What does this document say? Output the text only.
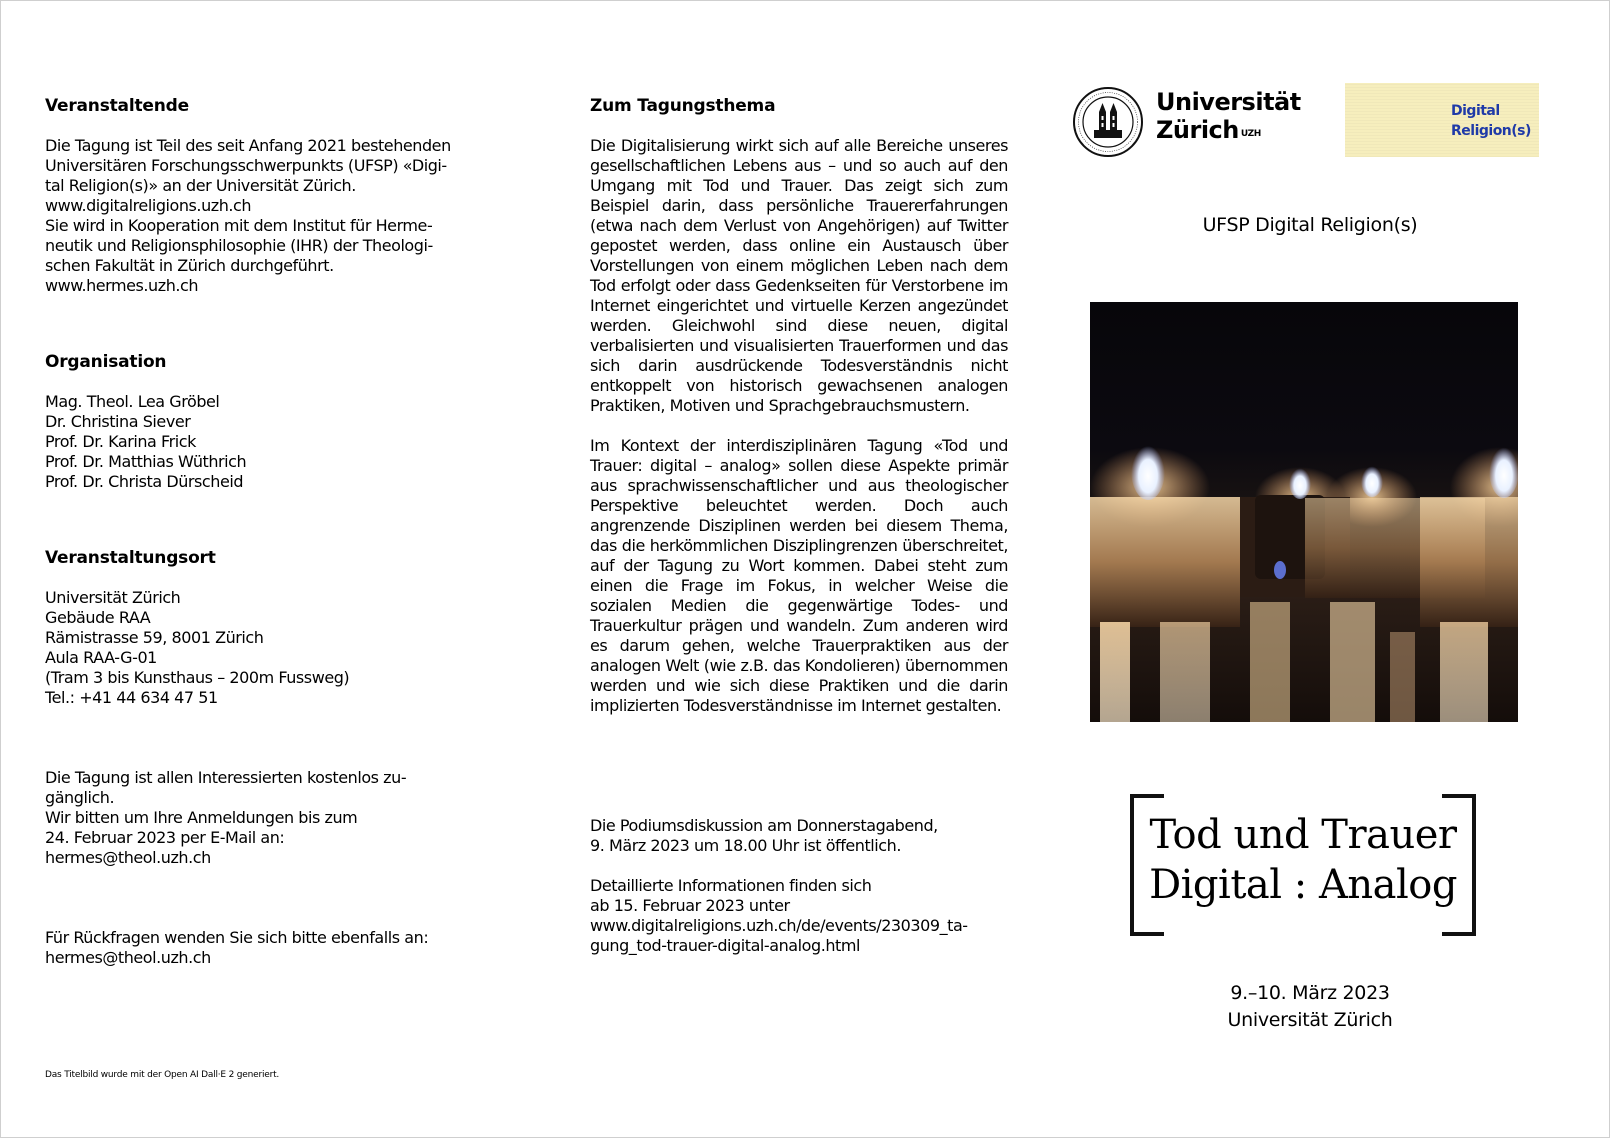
Veranstaltende
Die Tagung ist Teil des seit Anfang 2021 bestehenden
Universitären Forschungsschwerpunkts (UFSP) «Digi-
tal Religion(s)» an der Universität Zürich.
www.digitalreligions.uzh.ch
Sie wird in Kooperation mit dem Institut für Herme-
neutik und Religionsphilosophie (IHR) der Theologi-
schen Fakultät in Zürich durchgeführt.
www.hermes.uzh.ch
Organisation
Mag. Theol. Lea Gröbel
Dr. Christina Siever
Prof. Dr. Karina Frick
Prof. Dr. Matthias Wüthrich
Prof. Dr. Christa Dürscheid
Veranstaltungsort
Universität Zürich
Gebäude RAA
Rämistrasse 59, 8001 Zürich
Aula RAA-G-01
(Tram 3 bis Kunsthaus – 200m Fussweg)
Tel.: +41 44 634 47 51
Die Tagung ist allen Interessierten kostenlos zu-
gänglich.
Wir bitten um Ihre Anmeldungen bis zum
24. Februar 2023 per E-Mail an:
hermes@theol.uzh.ch
Für Rückfragen wenden Sie sich bitte ebenfalls an:
hermes@theol.uzh.ch
Das Titelbild wurde mit der Open AI Dall·E 2 generiert.
Zum Tagungsthema

Die Digitalisierung wirkt sich auf alle Bereiche unseres gesellschaftlichen Lebens aus – und so auch auf den Umgang mit Tod und Trauer. Das zeigt sich zum Beispiel darin, dass persönliche Trauererfahrungen (etwa nach dem Verlust von Angehörigen) auf Twitter gepostet werden, dass online ein Austausch über Vorstellungen von einem möglichen Leben nach dem Tod erfolgt oder dass Gedenkseiten für Verstorbene im Internet eingerichtet und virtuelle Kerzen angezündet werden. Gleichwohl sind diese neuen, digital verbalisierten und visualisierten Trauerformen und das sich darin ausdrückende Todesverständnis nicht entkoppelt von historisch gewachsenen analogen Praktiken, Motiven und Sprachgebrauchsmustern.

Im Kontext der interdisziplinären Tagung «Tod und Trauer: digital – analog» sollen diese Aspekte primär aus sprachwissenschaftlicher und aus theologischer Perspektive beleuchtet werden. Doch auch angrenzende Disziplinen werden bei diesem Thema, das die herkömmlichen Disziplingrenzen überschreitet, auf der Tagung zu Wort kommen. Dabei steht zum einen die Frage im Fokus, in welcher Weise die sozialen Medien die gegenwärtige Todes- und Trauerkultur prägen und wandeln. Zum anderen wird es darum gehen, welche Trauerpraktiken aus der analogen Welt (wie z.B. das Kondolieren) übernommen werden und wie sich diese Praktiken und die darin implizierten Todesverständnisse im Internet gestalten.

Die Podiumsdiskussion am Donnerstagabend,
9. März 2023 um 18.00 Uhr ist öffentlich.
Detaillierte Informationen finden sich
ab 15. Februar 2023 unter
www.digitalreligions.uzh.ch/de/events/230309_ta-
gung_tod-trauer-digital-analog.html
Universität
Zürich $^{UZH}$
Digital
Religion(s)
UFSP Digital Religion(s)
Tod und Trauer
Digital : Analog
9.–10. März 2023
Universität Zürich
